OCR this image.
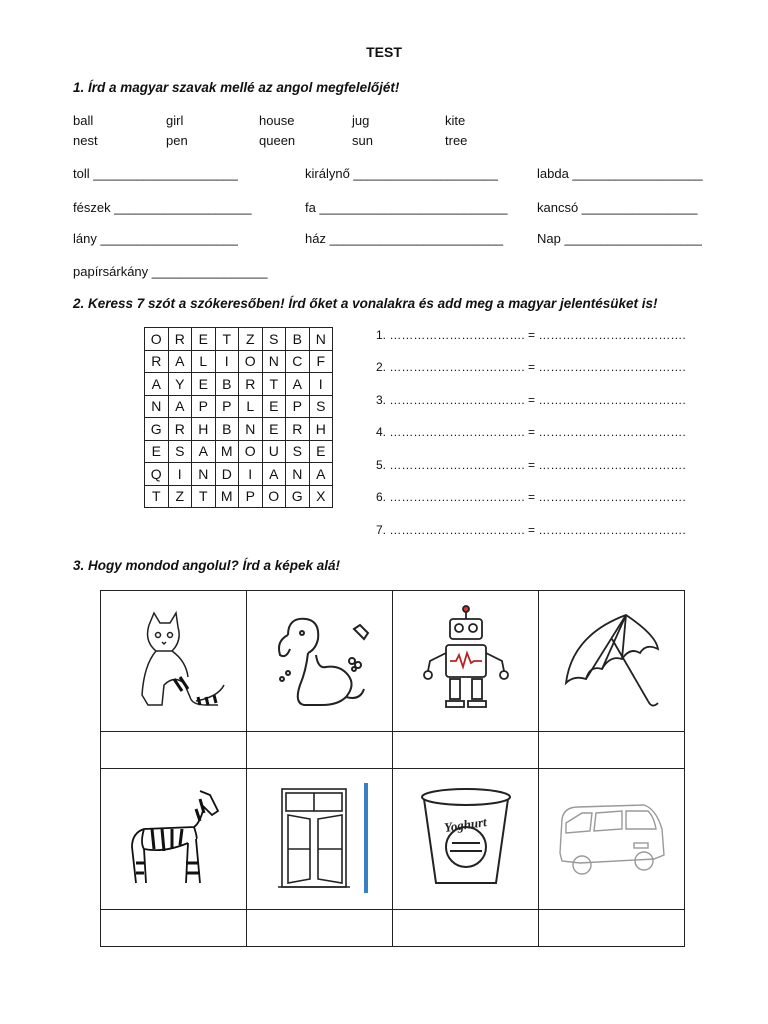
TEST
1. Írd a magyar szavak mellé az angol megfelelőjét!
ball	girl	house	jug	kite
nest	pen	queen	sun	tree
toll ____________________	királynő ____________________	labda __________________
fészek ___________________	fa __________________________ kancsó ________________
lány ___________________	ház ________________________	Nap ___________________
papírsárkány ________________
2. Keress 7 szót a szókeresőben! Írd őket a vonalakra és add meg a magyar jelentésüket is!
O	R	E	T	Z	S	B	N
R	A	L	I	O	N	C	F
A	Y	E	B	R	T	A	I
N	A	P	P	L	E	P	S
G	R	H	B	N	E	R	H
E	S	A	M	O	U	S	E
Q	I	N	D	I	A	N	A
T	Z	T	M	P	O	G	X
1. ……………………………. = ……………………………….
2. ……………………………. = ……………………………….
3. ……………………………. = ……………………………….
4. ……………………………. = ……………………………….
5. ……………………………. = ……………………………….
6. ……………………………. = ……………………………….
7. ……………………………. = ……………………………….
3. Hogy mondod angolul? Írd a képek alá!

Yoghurt
